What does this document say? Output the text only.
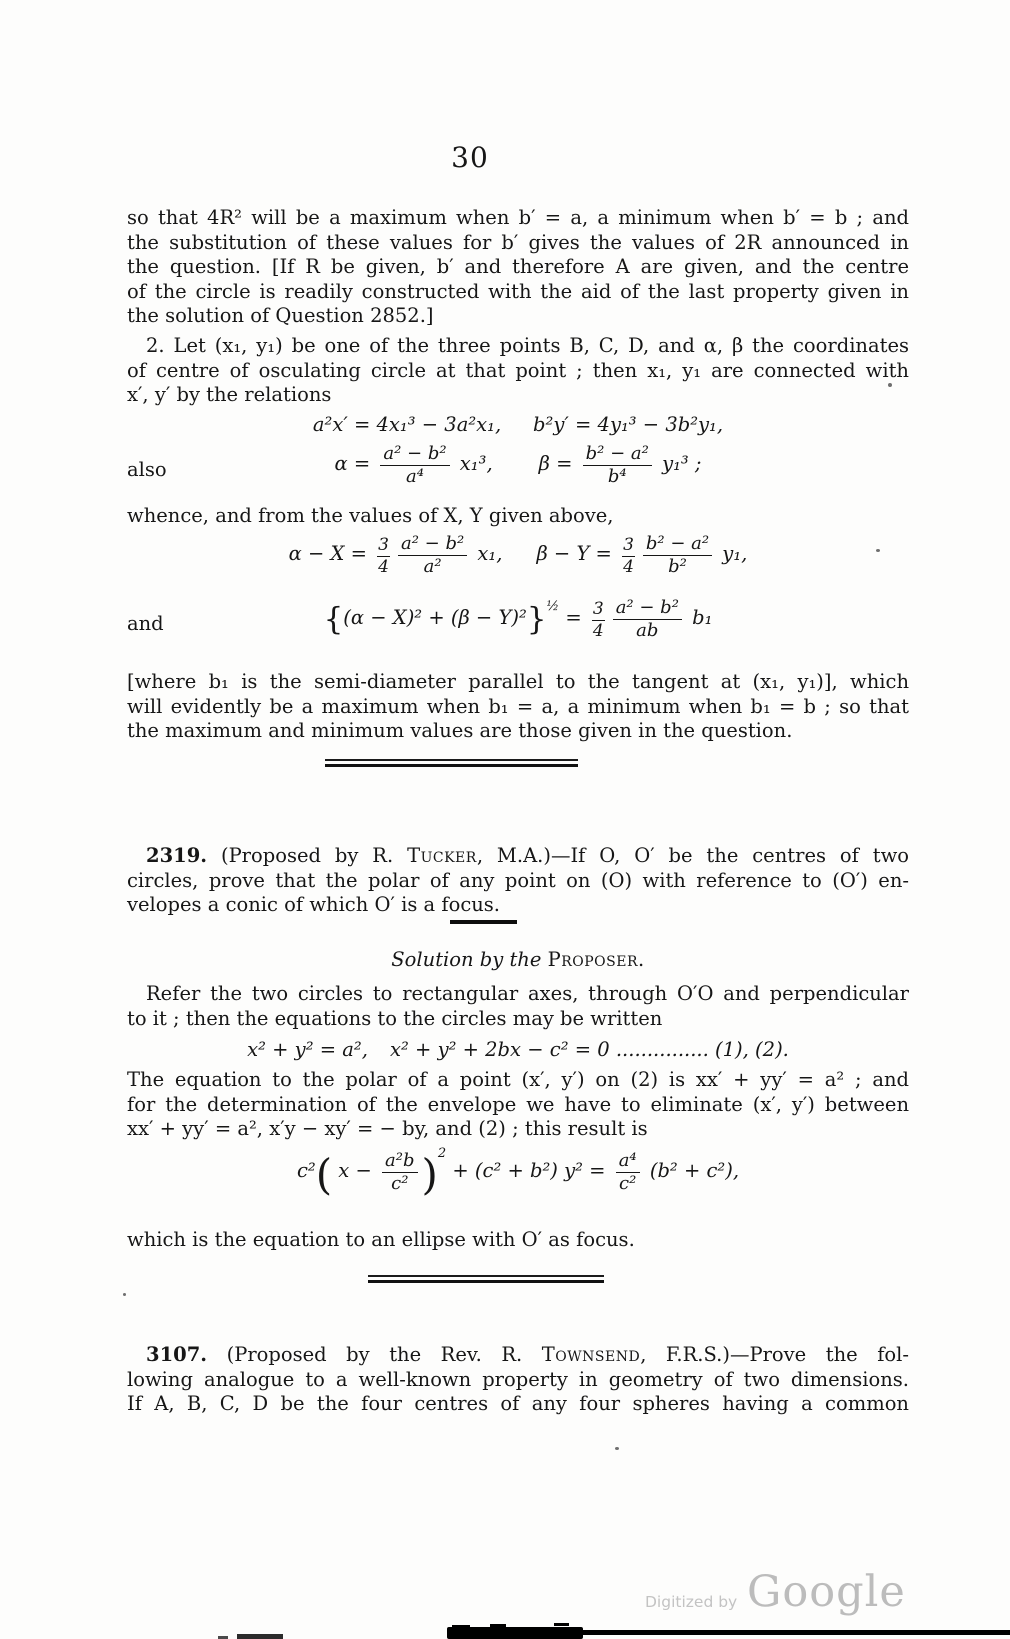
30
so that 4R² will be a maximum when b′ = a, a minimum when b′ = b ; and
the substitution of these values for b′ gives the values of 2R announced in
the question. [If R be given, b′ and therefore A are given, and the centre
of the circle is readily constructed with the aid of the last property given in
the solution of Question 2852.]
2. Let (x₁, y₁) be one of the three points B, C, D, and α, β the coordinates
of centre of osculating circle at that point ; then x₁, y₁ are connected with
x′, y′ by the relations
a²x′ = 4x₁³ − 3a²x₁,   b²y′ = 4y₁³ − 3b²y₁,
also	$\alpha = \frac{\text{a² − b²}}{\text{a⁴}} x_1^3$, $\beta = \frac{\text{b² − a²}}{\text{b⁴}} y_1^3$ ;
whence, and from the values of X, Y given above,
$\alpha - X = \frac{3}{4} \frac{\text{a² − b²}}{\text{a²}} x_1$, $\beta - Y = \frac{3}{4} \frac{\text{b² − a²}}{\text{b²}} y_1$,
and	$\{(\alpha - X)^2 + (\beta - Y)^2\}^{\frac{1}{2}} = \frac{3}{4} \frac{\text{a² − b²}}{ab} b_1$
[where b₁ is the semi-diameter parallel to the tangent at (x₁, y₁)], which
will evidently be a maximum when b₁ = a, a minimum when b₁ = b ; so that
the maximum and minimum values are those given in the question.
2319. (Proposed by R. Tucker, M.A.)—If O, O′ be the centres of two
circles, prove that the polar of any point on (O) with reference to (O′) en-
velopes a conic of which O′ is a focus.
Solution by the Proposer.
Refer the two circles to rectangular axes, through O′O and perpendicular
to it ; then the equations to the circles may be written
x² + y² = a²,   x² + y² + 2bx − c² = 0 ............... (1), (2).
The equation to the polar of a point (x′, y′) on (2) is xx′ + yy′ = a² ; and
for the determination of the envelope we have to eliminate (x′, y′) between
xx′ + yy′ = a², x′y − xy′ = − by, and (2) ; this result is
c²( $x - \frac{\text{a²b}}{\text{c²}} )^2 + (c^2 + b^2)$ $y^2 = \frac{\text{a⁴}}{\text{c²}} (b^2 + c^2)$,
which is the equation to an ellipse with O′ as focus.
3107. (Proposed by the Rev. R. Townsend, F.R.S.)—Prove the fol-
lowing analogue to a well-known property in geometry of two dimensions.
If A, B, C, D be the four centres of any four spheres having a common
Digitized by Google
